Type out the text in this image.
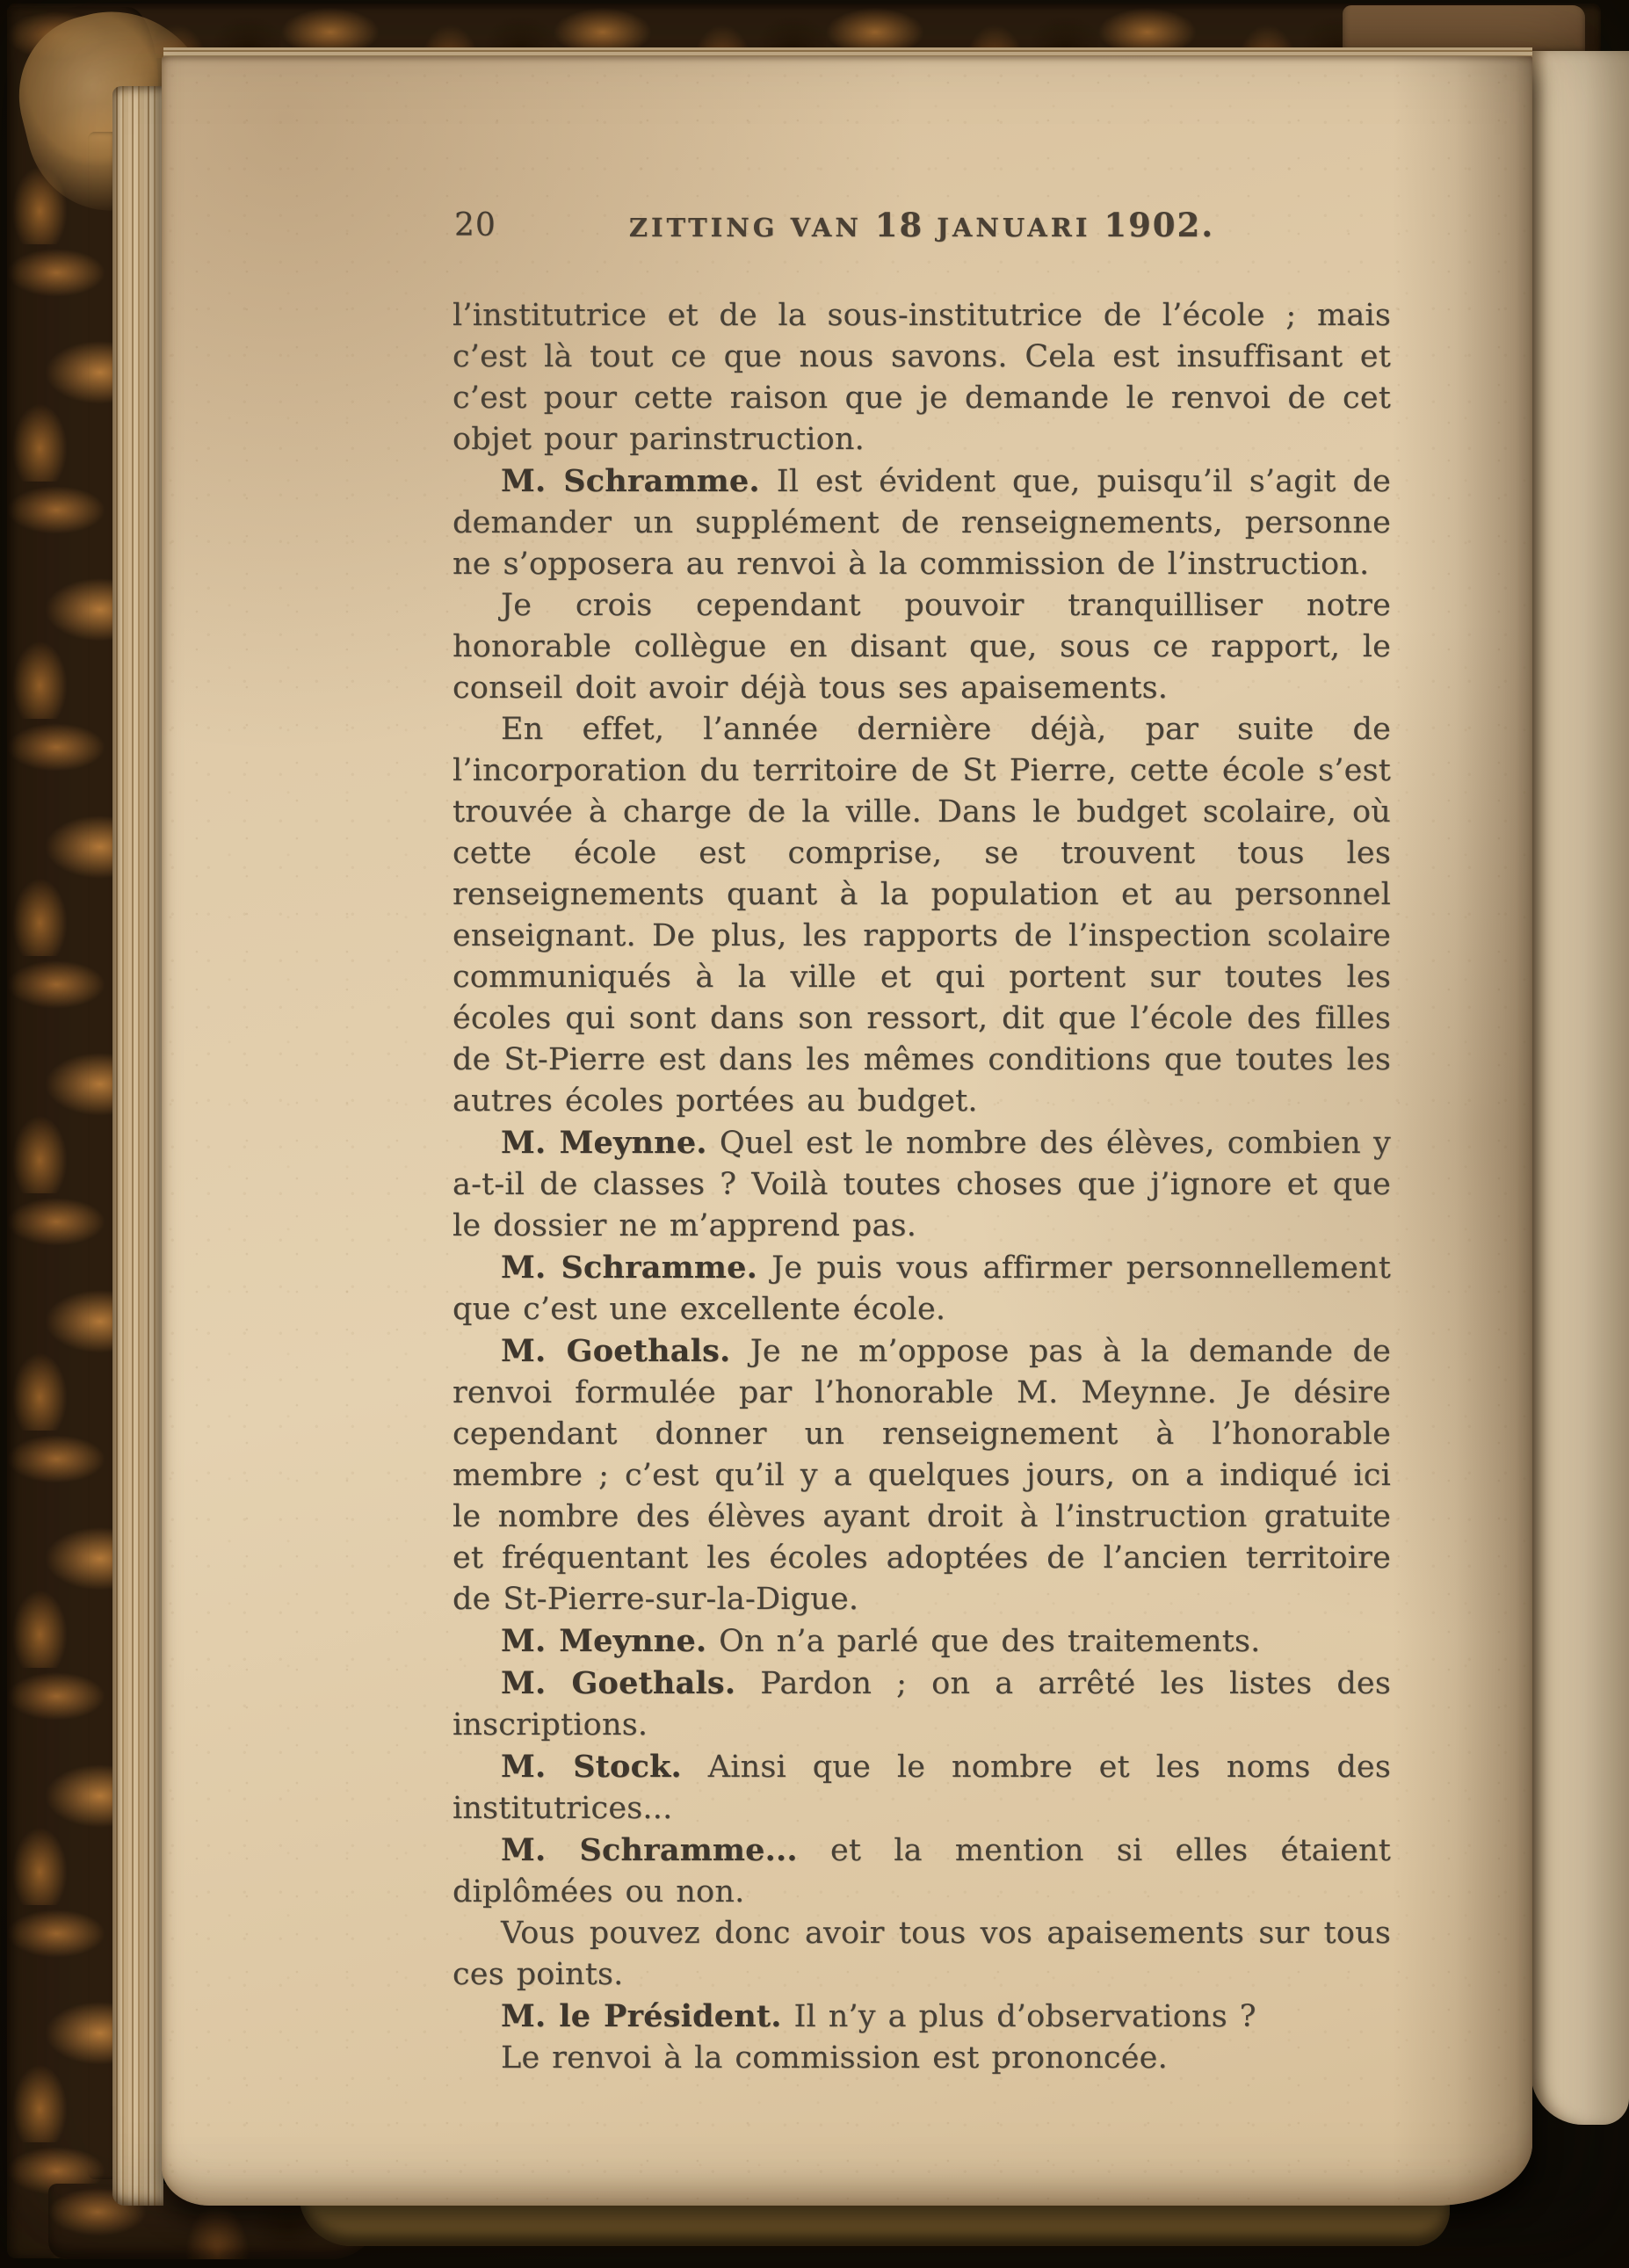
20	ZITTING VAN 18 JANUARI 1902.

l’institutrice et de la sous-institutrice de l’école ; mais c’est là tout ce que nous savons. Cela est insuffisant et c’est pour cette raison que je demande le renvoi de cet objet pour parinstruction.

M. Schramme. Il est évident que, puisqu’il s’agit de demander un supplément de renseignements, personne ne s’opposera au renvoi à la commission de l’instruction.

Je crois cependant pouvoir tranquilliser notre honorable collègue en disant que, sous ce rapport, le conseil doit avoir déjà tous ses apaisements.

En effet, l’année dernière déjà, par suite de l’incorporation du territoire de St Pierre, cette école s’est trouvée à charge de la ville. Dans le budget scolaire, où cette école est comprise, se trouvent tous les renseignements quant à la population et au personnel enseignant. De plus, les rapports de l’inspection scolaire communiqués à la ville et qui portent sur toutes les écoles qui sont dans son ressort, dit que l’école des filles de St-Pierre est dans les mêmes conditions que toutes les autres écoles portées au budget.

M. Meynne. Quel est le nombre des élèves, combien y a-t-il de classes ? Voilà toutes choses que j’ignore et que le dossier ne m’apprend pas.

M. Schramme. Je puis vous affirmer personnellement que c’est une excellente école.

M. Goethals. Je ne m’oppose pas à la demande de renvoi formulée par l’honorable M. Meynne. Je désire cependant donner un renseignement à l’honorable membre ; c’est qu’il y a quelques jours, on a indiqué ici le nombre des élèves ayant droit à l’instruction gratuite et fréquentant les écoles adoptées de l’ancien territoire de St-Pierre-sur-la-Digue.

M. Meynne. On n’a parlé que des traitements.

M. Goethals. Pardon ; on a arrêté les listes des inscriptions.

M. Stock. Ainsi que le nombre et les noms des institutrices...

M. Schramme... et la mention si elles étaient diplômées ou non.

Vous pouvez donc avoir tous vos apaisements sur tous ces points.

M. le Président. Il n’y a plus d’observations ?

Le renvoi à la commission est prononcée.
